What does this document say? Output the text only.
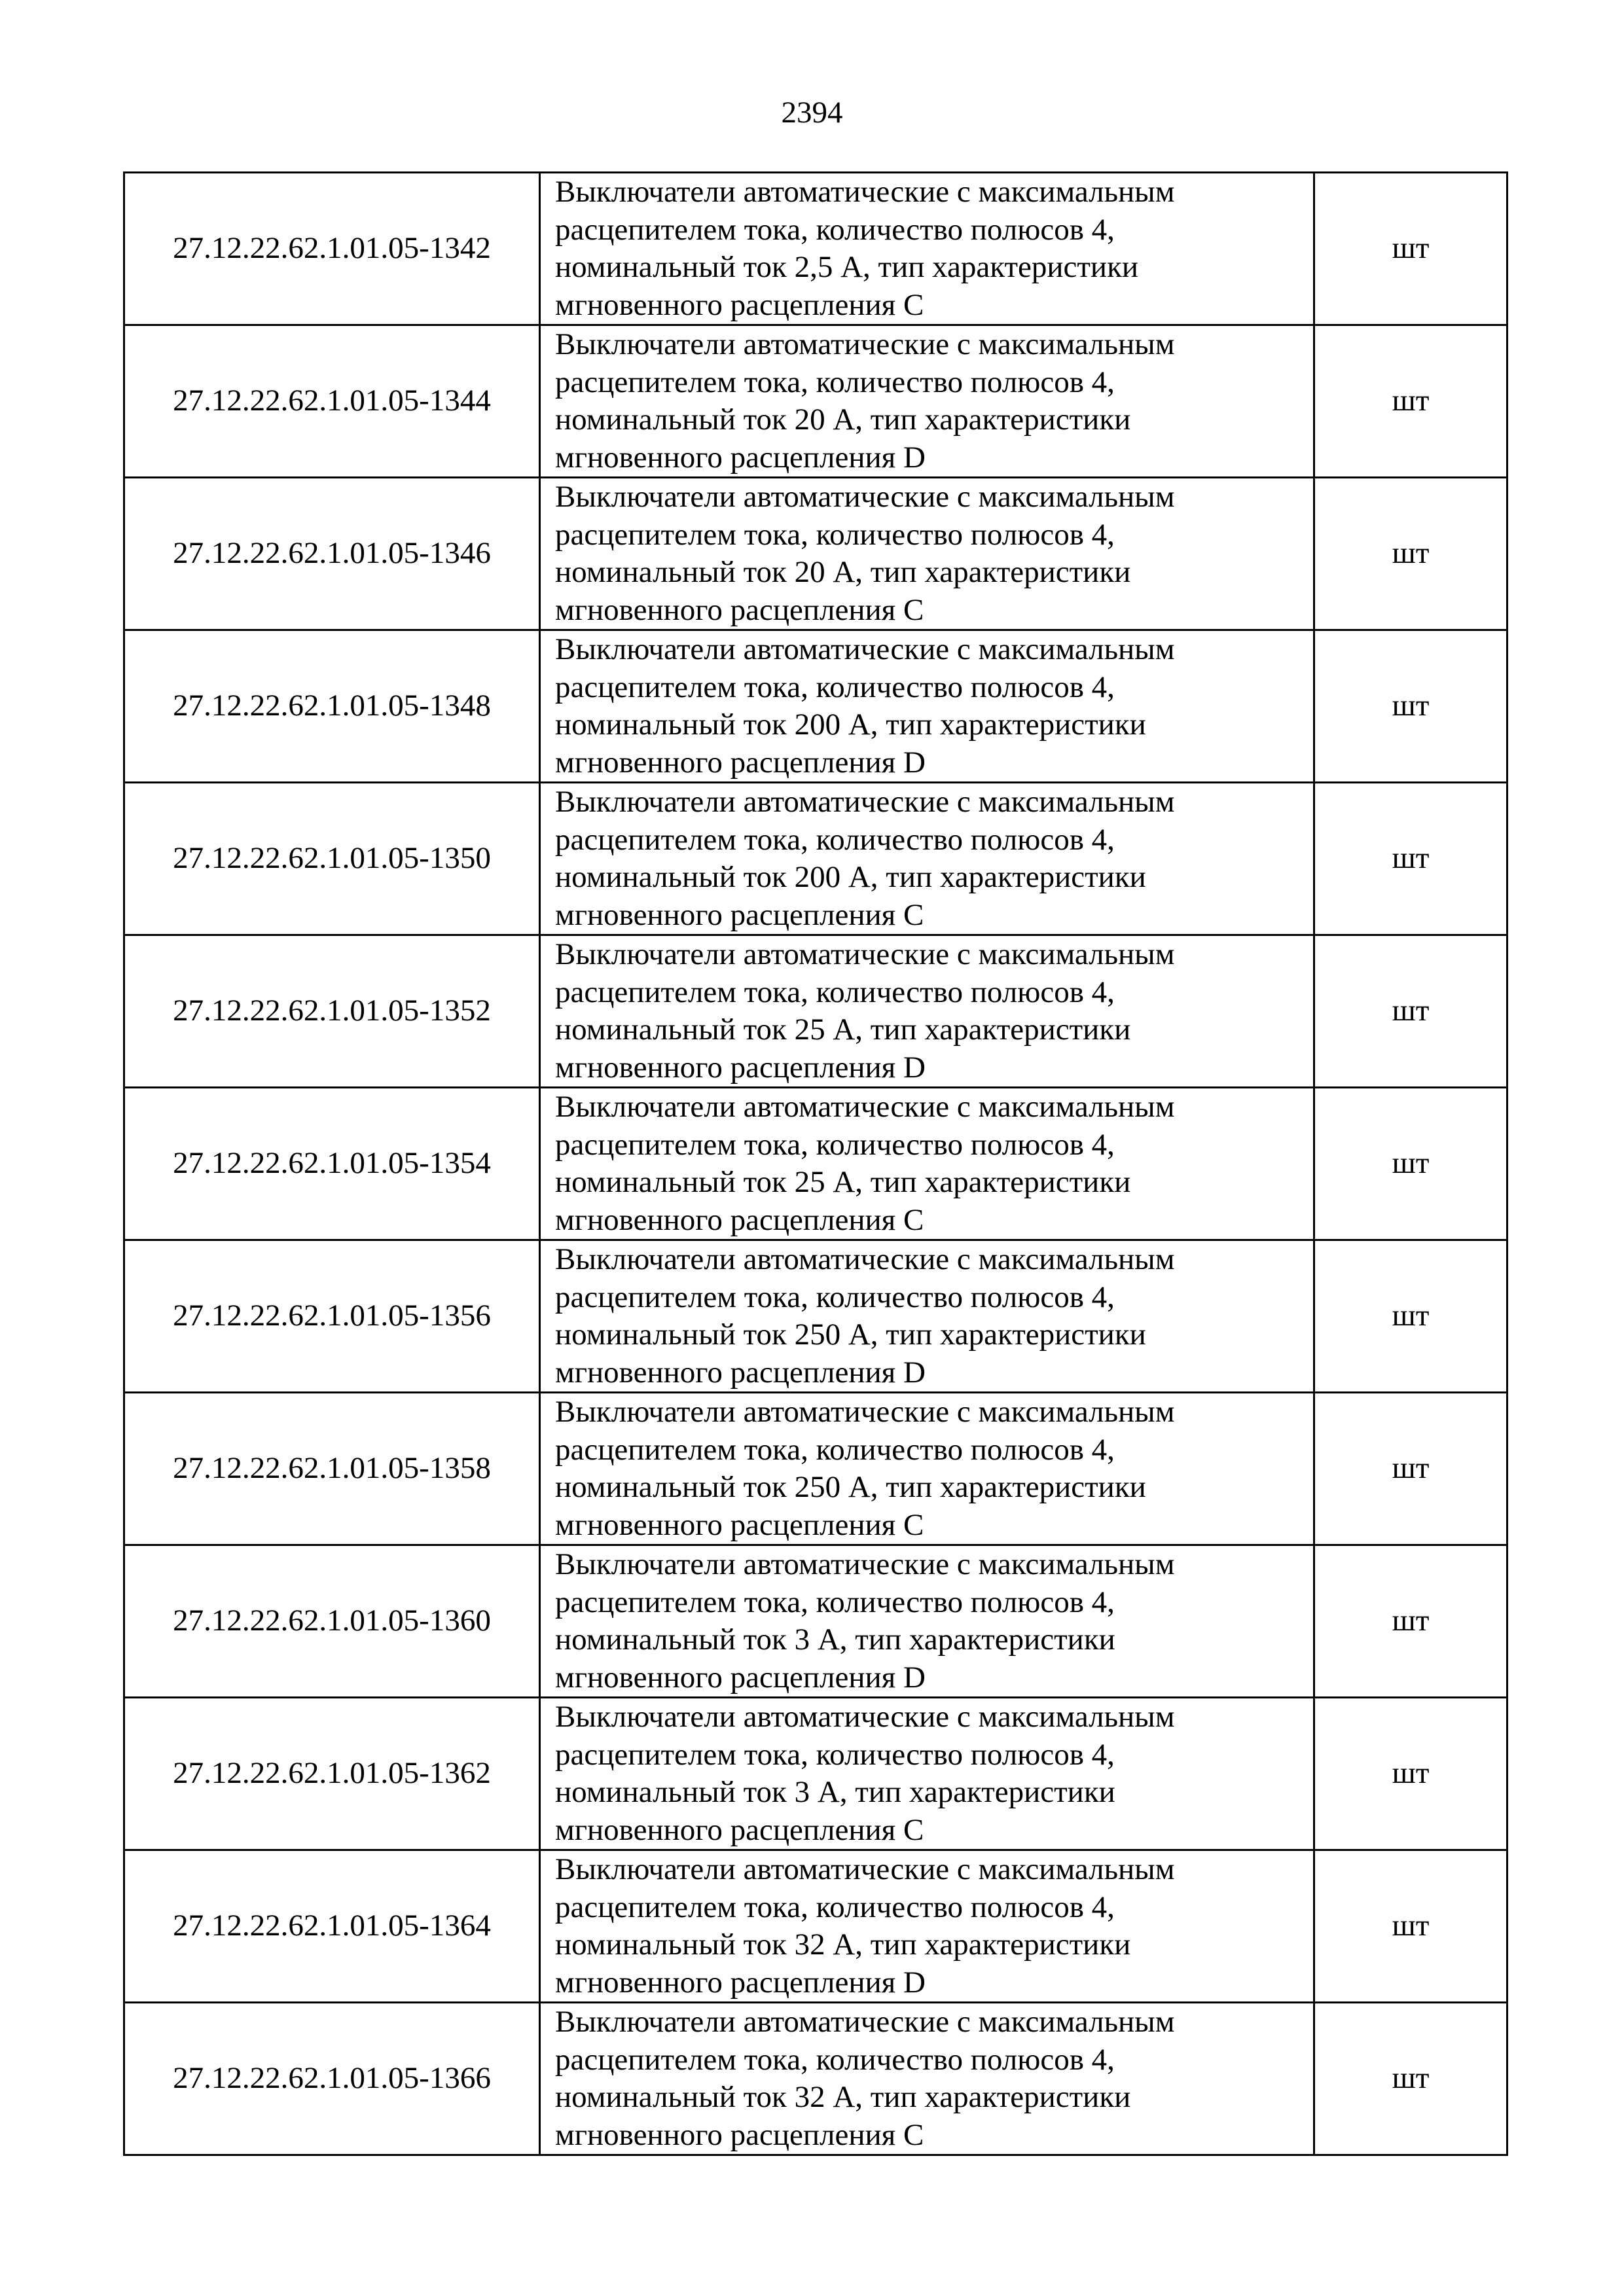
2394
27.12.22.62.1.01.05-1342	Выключатели автоматические с максимальным
расцепителем тока, количество полюсов 4,
номинальный ток 2,5 А, тип характеристики
мгновенного расцепления C	шт
27.12.22.62.1.01.05-1344	Выключатели автоматические с максимальным
расцепителем тока, количество полюсов 4,
номинальный ток 20 А, тип характеристики
мгновенного расцепления D	шт
27.12.22.62.1.01.05-1346	Выключатели автоматические с максимальным
расцепителем тока, количество полюсов 4,
номинальный ток 20 А, тип характеристики
мгновенного расцепления C	шт
27.12.22.62.1.01.05-1348	Выключатели автоматические с максимальным
расцепителем тока, количество полюсов 4,
номинальный ток 200 А, тип характеристики
мгновенного расцепления D	шт
27.12.22.62.1.01.05-1350	Выключатели автоматические с максимальным
расцепителем тока, количество полюсов 4,
номинальный ток 200 А, тип характеристики
мгновенного расцепления C	шт
27.12.22.62.1.01.05-1352	Выключатели автоматические с максимальным
расцепителем тока, количество полюсов 4,
номинальный ток 25 А, тип характеристики
мгновенного расцепления D	шт
27.12.22.62.1.01.05-1354	Выключатели автоматические с максимальным
расцепителем тока, количество полюсов 4,
номинальный ток 25 А, тип характеристики
мгновенного расцепления C	шт
27.12.22.62.1.01.05-1356	Выключатели автоматические с максимальным
расцепителем тока, количество полюсов 4,
номинальный ток 250 А, тип характеристики
мгновенного расцепления D	шт
27.12.22.62.1.01.05-1358	Выключатели автоматические с максимальным
расцепителем тока, количество полюсов 4,
номинальный ток 250 А, тип характеристики
мгновенного расцепления C	шт
27.12.22.62.1.01.05-1360	Выключатели автоматические с максимальным
расцепителем тока, количество полюсов 4,
номинальный ток 3 А, тип характеристики
мгновенного расцепления D	шт
27.12.22.62.1.01.05-1362	Выключатели автоматические с максимальным
расцепителем тока, количество полюсов 4,
номинальный ток 3 А, тип характеристики
мгновенного расцепления C	шт
27.12.22.62.1.01.05-1364	Выключатели автоматические с максимальным
расцепителем тока, количество полюсов 4,
номинальный ток 32 А, тип характеристики
мгновенного расцепления D	шт
27.12.22.62.1.01.05-1366	Выключатели автоматические с максимальным
расцепителем тока, количество полюсов 4,
номинальный ток 32 А, тип характеристики
мгновенного расцепления C	шт
